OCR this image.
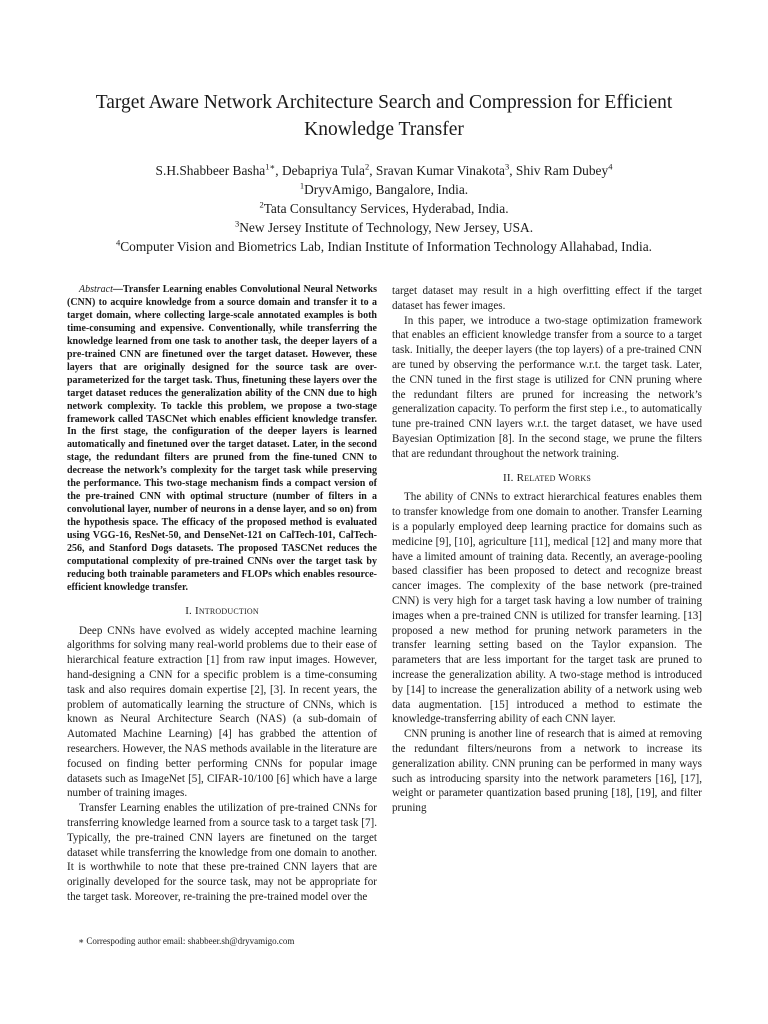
Target Aware Network Architecture Search and Compression for Efficient
Knowledge Transfer
S.H.Shabbeer Basha$^{1∗}$, Debapriya Tula$^2$, Sravan Kumar Vinakota$^3$, Shiv Ram Dubey$^4$
$^1$DryvAmigo, Bangalore, India.
$^2$Tata Consultancy Services, Hyderabad, India.
$^3$New Jersey Institute of Technology, New Jersey, USA.
$^4$Computer Vision and Biometrics Lab, Indian Institute of Information Technology Allahabad, India.

Abstract—Transfer Learning enables Convolutional Neural Networks (CNN) to acquire knowledge from a source domain and transfer it to a target domain, where collecting large-scale annotated examples is both time-consuming and expensive. Conventionally, while transferring the knowledge learned from one task to another task, the deeper layers of a pre-trained CNN are finetuned over the target dataset. However, these layers that are originally designed for the source task are over-parameterized for the target task. Thus, finetuning these layers over the target dataset reduces the generalization ability of the CNN due to high network complexity. To tackle this problem, we propose a two-stage framework called TASCNet which enables efficient knowledge transfer. In the first stage, the configuration of the deeper layers is learned automatically and finetuned over the target dataset. Later, in the second stage, the redundant filters are pruned from the fine-tuned CNN to decrease the network’s complexity for the target task while preserving the performance. This two-stage mechanism finds a compact version of the pre-trained CNN with optimal structure (number of filters in a convolutional layer, number of neurons in a dense layer, and so on) from the hypothesis space. The efficacy of the proposed method is evaluated using VGG-16, ResNet-50, and DenseNet-121 on CalTech-101, CalTech-256, and Stanford Dogs datasets. The proposed TASCNet reduces the computational complexity of pre-trained CNNs over the target task by reducing both trainable parameters and FLOPs which enables resource-efficient knowledge transfer.

I. Introduction

Deep CNNs have evolved as widely accepted machine learning algorithms for solving many real-world problems due to their ease of hierarchical feature extraction [1] from raw input images. However, hand-designing a CNN for a specific problem is a time-consuming task and also requires domain expertise [2], [3]. In recent years, the problem of automatically learning the structure of CNNs, which is known as Neural Architecture Search (NAS) (a sub-domain of Automated Machine Learning) [4] has grabbed the attention of researchers. However, the NAS methods available in the literature are focused on finding better performing CNNs for popular image datasets such as ImageNet [5], CIFAR-10/100 [6] which have a large number of training images.

Transfer Learning enables the utilization of pre-trained CNNs for transferring knowledge learned from a source task to a target task [7]. Typically, the pre-trained CNN layers are finetuned on the target dataset while transferring the knowledge from one domain to another. It is worthwhile to note that these pre-trained CNN layers that are originally developed for the source task, may not be appropriate for the target task. Moreover, re-training the pre-trained model over the

target dataset may result in a high overfitting effect if the target dataset has fewer images.

In this paper, we introduce a two-stage optimization framework that enables an efficient knowledge transfer from a source to a target task. Initially, the deeper layers (the top layers) of a pre-trained CNN are tuned by observing the performance w.r.t. the target task. Later, the CNN tuned in the first stage is utilized for CNN pruning where the redundant filters are pruned for increasing the network’s generalization capacity. To perform the first step i.e., to automatically tune pre-trained CNN layers w.r.t. the target dataset, we have used Bayesian Optimization [8]. In the second stage, we prune the filters that are redundant throughout the network training.

II. Related Works

The ability of CNNs to extract hierarchical features enables them to transfer knowledge from one domain to another. Transfer Learning is a popularly employed deep learning practice for domains such as medicine [9], [10], agriculture [11], medical [12] and many more that have a limited amount of training data. Recently, an average-pooling based classifier has been proposed to detect and recognize breast cancer images. The complexity of the base network (pre-trained CNN) is very high for a target task having a low number of training images when a pre-trained CNN is utilized for transfer learning. [13] proposed a new method for pruning network parameters in the transfer learning setting based on the Taylor expansion. The parameters that are less important for the target task are pruned to increase the generalization ability. A two-stage method is introduced by [14] to increase the generalization ability of a network using web data augmentation. [15] introduced a method to estimate the knowledge-transferring ability of each CNN layer.

CNN pruning is another line of research that is aimed at removing the redundant filters/neurons from a network to increase its generalization ability. CNN pruning can be performed in many ways such as introducing sparsity into the network parameters [16], [17], weight or parameter quantization based pruning [18], [19], and filter pruning

∗ Correspoding author email: shabbeer.sh@dryvamigo.com
